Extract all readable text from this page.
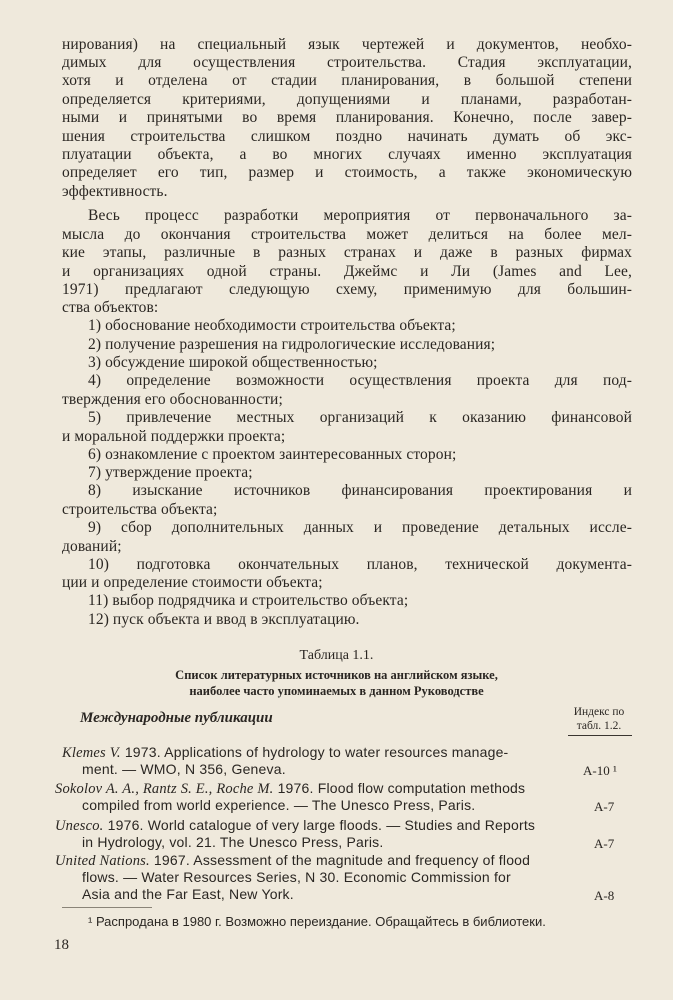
нирования) на специальный язык чертежей и документов, необхо-
димых для осуществления строительства. Стадия эксплуатации,
хотя и отделена от стадии планирования, в большой степени
определяется критериями, допущениями и планами, разработан-
ными и принятыми во время планирования. Конечно, после завер-
шения строительства слишком поздно начинать думать об экс-
плуатации объекта, а во многих случаях именно эксплуатация
определяет его тип, размер и стоимость, а также экономическую
эффективность.
Весь процесс разработки мероприятия от первоначального за-
мысла до окончания строительства может делиться на более мел-
кие этапы, различные в разных странах и даже в разных фирмах
и организациях одной страны. Джеймс и Ли (James and Lee,
1971) предлагают следующую схему, применимую для большин-
ства объектов:
1) обоснование необходимости строительства объекта;
2) получение разрешения на гидрологические исследования;
3) обсуждение широкой общественностью;
4) определение возможности осуществления проекта для под-
тверждения его обоснованности;
5) привлечение местных организаций к оказанию финансовой
и моральной поддержки проекта;
6) ознакомление с проектом заинтересованных сторон;
7) утверждение проекта;
8) изыскание источников финансирования проектирования и
строительства объекта;
9) сбор дополнительных данных и проведение детальных иссле-
дований;
10) подготовка окончательных планов, технической документа-
ции и определение стоимости объекта;
11) выбор подрядчика и строительство объекта;
12) пуск объекта и ввод в эксплуатацию.
Таблица 1.1.
Список литературных источников на английском языке,
наиболее часто упоминаемых в данном Руководстве
Международные публикации	Индекс по
табл. 1.2.
Klemes V. 1973. Applications of hydrology to water resources manage-
ment. — WMO, N 356, Geneva.	А-10 ¹
Sokolov A. A., Rantz S. E., Roche M. 1976. Flood flow computation methods
compiled from world experience. — The Unesco Press, Paris.	А-7
Unesco. 1976. World catalogue of very large floods. — Studies and Reports
in Hydrology, vol. 21. The Unesco Press, Paris.	А-7
United Nations. 1967. Assessment of the magnitude and frequency of flood
flows. — Water Resources Series, N 30. Economic Commission for
Asia and the Far East, New York.	А-8
¹ Распродана в 1980 г. Возможно переиздание. Обращайтесь в библиотеки.
18
